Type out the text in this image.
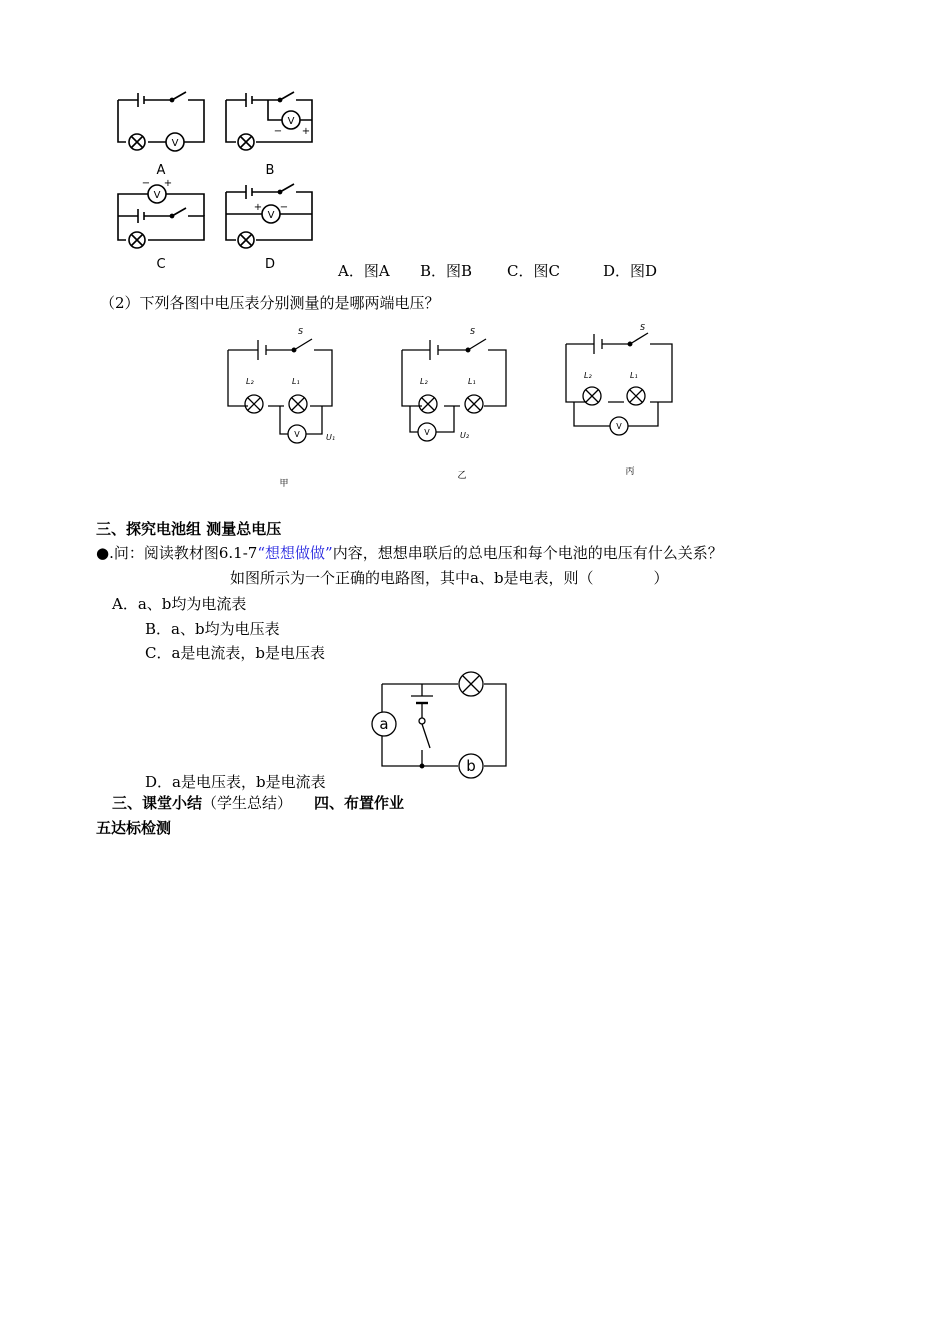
V
V
V
V
− +
− +
+ −
A	B
C	D	A．图A B．图B C．图C	D．图D
（2）下列各图中电压表分别测量的是哪两端电压？
S
L₂	L₁
U₁
S
L₂	L₁
U₂
S
L₂	L₁
V	V
V
甲
乙	丙
三、探究电池组 测量总电压
●.问：阅读教材图6.1-7“想想做做”内容，想想串联后的总电压和每个电池的电压有什么关系？
如图所示为一个正确的电路图，其中a、b是电表，则（　　　　）
A．a、b均为电流表
B．a、b均为电压表
C．a是电流表，b是电压表
a
b
D．a是电压表，b是电流表
三、课堂小结（学生总结） 四、布置作业
五达标检测
